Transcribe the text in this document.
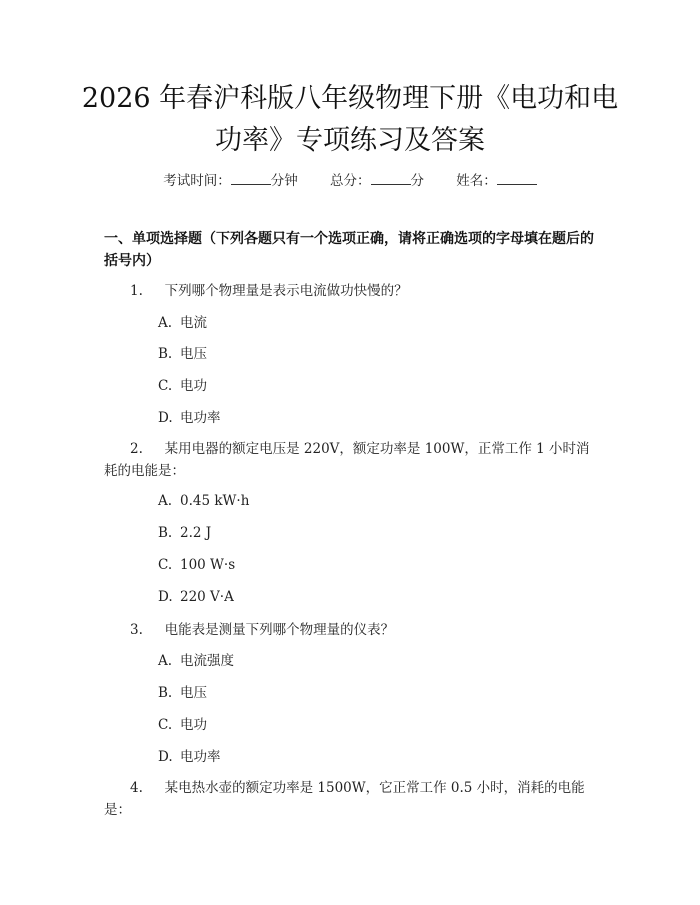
2026 年春沪科版八年级物理下册《电功和电
功率》专项练习及答案
考试时间：	分钟 总分：	分 姓名：
一、单项选择题（下列各题只有一个选项正确，请将正确选项的字母填在题后的括号内）
1. 下列哪个物理量是表示电流做功快慢的？
A. 电流
B. 电压
C. 电功
D. 电功率
2. 某用电器的额定电压是 220V，额定功率是 100W，正常工作 1 小时消耗的电能是：
A. 0.45 kW·h
B. 2.2 J
C. 100 W·s
D. 220 V·A
3. 电能表是测量下列哪个物理量的仪表？
A. 电流强度
B. 电压
C. 电功
D. 电功率
4. 某电热水壶的额定功率是 1500W，它正常工作 0.5 小时，消耗的电能是：
